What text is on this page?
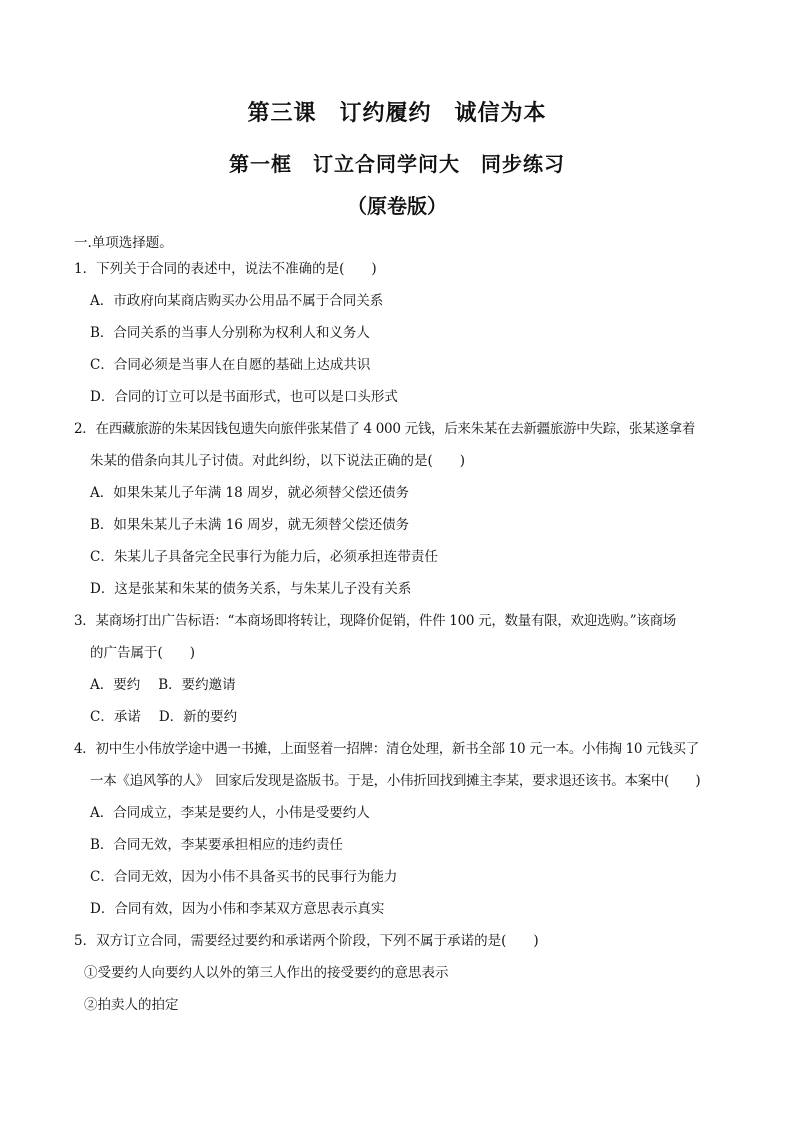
第三课　订约履约　诚信为本
第一框　订立合同学问大　同步练习
（原卷版）
一.单项选择题。
1．下列关于合同的表述中，说法不准确的是(　　)
A．市政府向某商店购买办公用品不属于合同关系
B．合同关系的当事人分别称为权利人和义务人
C．合同必须是当事人在自愿的基础上达成共识
D．合同的订立可以是书面形式，也可以是口头形式
2．在西藏旅游的朱某因钱包遗失向旅伴张某借了 4 000 元钱，后来朱某在去新疆旅游中失踪，张某遂拿着
朱某的借条向其儿子讨债。对此纠纷，以下说法正确的是(　　)
A．如果朱某儿子年满 18 周岁，就必须替父偿还债务
B．如果朱某儿子未满 16 周岁，就无须替父偿还债务
C．朱某儿子具备完全民事行为能力后，必须承担连带责任
D．这是张某和朱某的债务关系，与朱某儿子没有关系
3．某商场打出广告标语：“本商场即将转让，现降价促销，件件 100 元，数量有限，欢迎选购。”该商场
的广告属于(　　)
A．要约 B．要约邀请
C．承诺 D．新的要约
4．初中生小伟放学途中遇一书摊，上面竖着一招牌：清仓处理，新书全部 10 元一本。小伟掏 10 元钱买了
一本《追风筝的人》　回家后发现是盗版书。于是，小伟折回找到摊主李某，要求退还该书。本案中(　　)
A．合同成立，李某是要约人，小伟是受要约人
B．合同无效，李某要承担相应的违约责任
C．合同无效，因为小伟不具备买书的民事行为能力
D．合同有效，因为小伟和李某双方意思表示真实
5．双方订立合同，需要经过要约和承诺两个阶段，下列不属于承诺的是(　　)
①受要约人向要约人以外的第三人作出的接受要约的意思表示
②拍卖人的拍定
